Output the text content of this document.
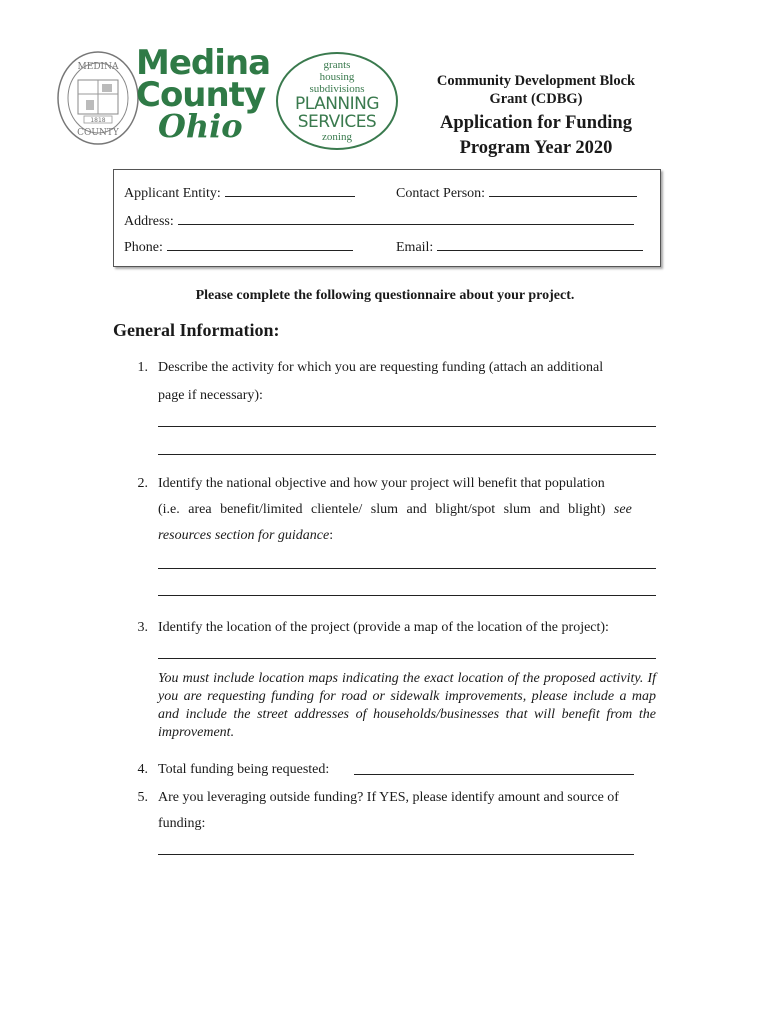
MEDINA
COUNTY
1818
Medina
County
Ohio
grants
housing
subdivisions
PLANNING
SERVICES
zoning
Community Development Block
Grant (CDBG)
Application for Funding
Program Year 2020
Applicant Entity:	Contact Person:
Address:
Phone:	Email:
Please complete the following questionnaire about your project.
General Information:
1. Describe the activity for which you are requesting funding (attach an additional
page if necessary):
2. Identify the national objective and how your project will benefit that population
(i.e. area benefit/limited clientele/ slum and blight/spot slum and blight) see
resources section for guidance:
3. Identify the location of the project (provide a map of the location of the project):
You must include location maps indicating the exact location of the proposed activity. If you are requesting funding for road or sidewalk improvements, please include a map and include the street addresses of households/businesses that will benefit from the improvement.
4. Total funding being requested:
5. Are you leveraging outside funding? If YES, please identify amount and source of
funding:
